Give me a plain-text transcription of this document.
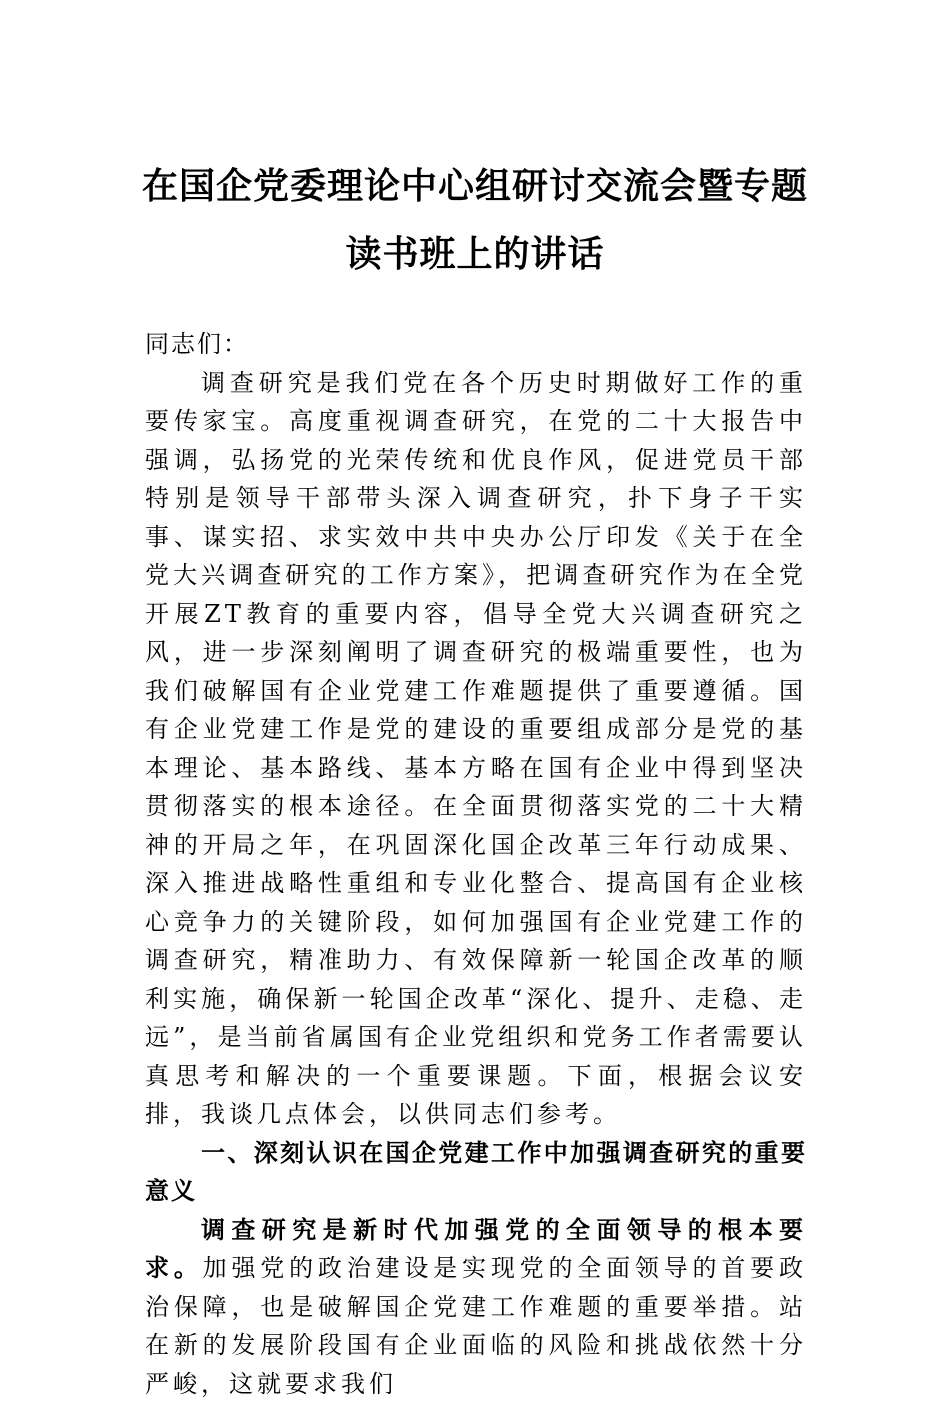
在国企党委理论中心组研讨交流会暨专题
读书班上的讲话

同志们：

调查研究是我们党在各个历史时期做好工作的重要传家宝。高度重视调查研究，在党的二十大报告中强调，弘扬党的光荣传统和优良作风，促进党员干部特别是领导干部带头深入调查研究，扑下身子干实事、谋实招、求实效中共中央办公厅印发《关于在全党大兴调查研究的工作方案》，把调查研究作为在全党开展ZT教育的重要内容，倡导全党大兴调查研究之风，进一步深刻阐明了调查研究的极端重要性，也为我们破解国有企业党建工作难题提供了重要遵循。国有企业党建工作是党的建设的重要组成部分是党的基本理论、基本路线、基本方略在国有企业中得到坚决贯彻落实的根本途径。在全面贯彻落实党的二十大精神的开局之年，在巩固深化国企改革三年行动成果、深入推进战略性重组和专业化整合、提高国有企业核心竞争力的关键阶段，如何加强国有企业党建工作的调查研究，精准助力、有效保障新一轮国企改革的顺利实施，确保新一轮国企改革“深化、提升、走稳、走远”，是当前省属国有企业党组织和党务工作者需要认真思考和解决的一个重要课题。下面，根据会议安排，我谈几点体会，以供同志们参考。

一、深刻认识在国企党建工作中加强调查研究的重要意义

调查研究是新时代加强党的全面领导的根本要求。加强党的政治建设是实现党的全面领导的首要政治保障，也是破解国企党建工作难题的重要举措。站在新的发展阶段国有企业面临的风险和挑战依然十分严峻，这就要求我们
